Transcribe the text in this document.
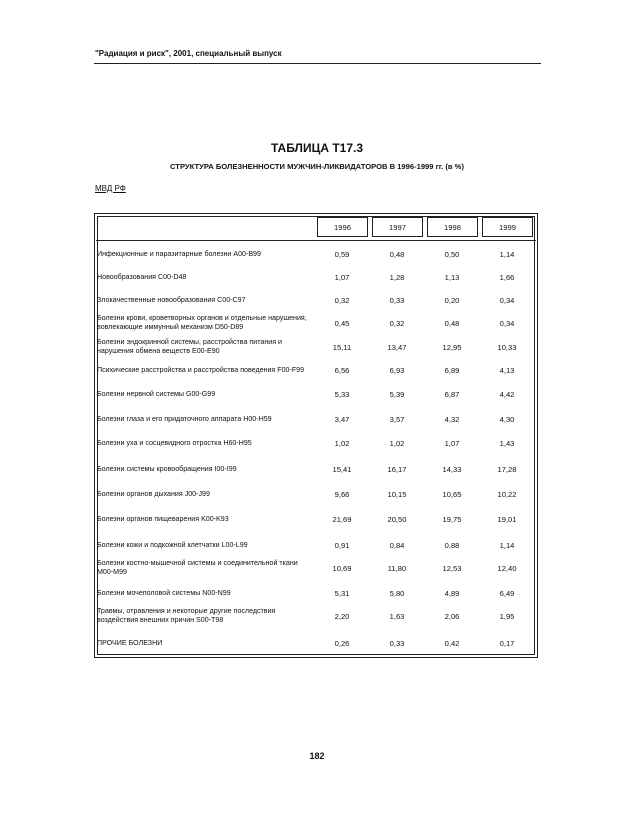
"Радиация и риск", 2001, специальный выпуск
ТАБЛИЦА Т17.3
СТРУКТУРА БОЛЕЗНЕННОСТИ МУЖЧИН-ЛИКВИДАТОРОВ В 1996-1999 гг. (в %)
МВД РФ
1996	1997	1998	1999
Инфекционные и паразитарные болезни A00-B99	0,59	0,48	0,50	1,14
Новообразования C00-D48	1,07	1,28	1,13	1,66
Злокачественные новообразования C00-C97	0,32	0,33	0,20	0,34
Болезни крови, кроветворных органов и отдельные нарушения, вовлекающие иммунный механизм D50-D89	0,45	0,32	0,48	0,34
Болезни эндокринной системы, расстройства питания и нарушения обмена веществ E00-E90	15,11	13,47	12,95	10,33
Психические расстройства и расстройства поведения F00-F99	6,56	6,93	6,89	4,13
Болезни нервной системы G00-G99	5,33	5,39	6,87	4,42
Болезни глаза и его придаточного аппарата H00-H59	3,47	3,57	4,32	4,30
Болезни уха и сосцевидного отростка H60-H95	1,02	1,02	1,07	1,43
Болезни системы кровообращения I00-I99	15,41	16,17	14,33	17,28
Болезни органов дыхания J00-J99	9,66	10,15	10,65	10,22
Болезни органов пищеварения K00-K93	21,69	20,50	19,75	19,01
Болезни кожи и подкожной клетчатки L00-L99	0,91	0,84	0,88	1,14
Болезни костно-мышечной системы и соединительной ткани M00-M99	10,69	11,80	12,53	12,40
Болезни мочеполовой системы N00-N99	5,31	5,80	4,89	6,49
Травмы, отравления и некоторые другие последствия воздействия внешних причин S00-T98	2,20	1,63	2,06	1,95
ПРОЧИЕ БОЛЕЗНИ	0,26	0,33	0,42	0,17
182
